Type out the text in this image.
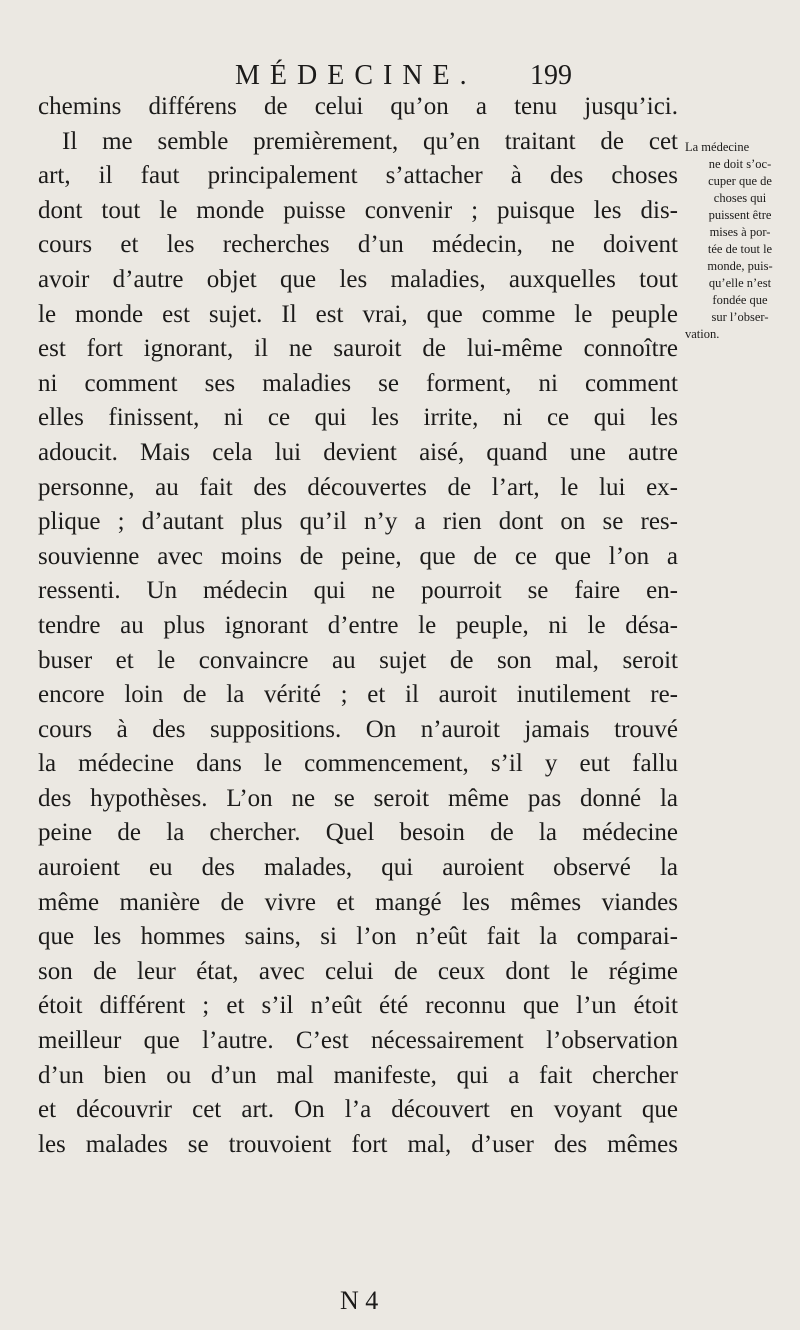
MÉDECINE. 199
chemins différens de celui qu’on a tenu jusqu’ici.
Il me semble premièrement, qu’en traitant de cet
art, il faut principalement s’attacher à des choses
dont tout le monde puisse convenir ; puisque les dis-
cours et les recherches d’un médecin, ne doivent
avoir d’autre objet que les maladies, auxquelles tout
le monde est sujet. Il est vrai, que comme le peuple
est fort ignorant, il ne sauroit de lui-même connoître
ni comment ses maladies se forment, ni comment
elles finissent, ni ce qui les irrite, ni ce qui les
adoucit. Mais cela lui devient aisé, quand une autre
personne, au fait des découvertes de l’art, le lui ex-
plique ; d’autant plus qu’il n’y a rien dont on se res-
souvienne avec moins de peine, que de ce que l’on a
ressenti. Un médecin qui ne pourroit se faire en-
tendre au plus ignorant d’entre le peuple, ni le désa-
buser et le convaincre au sujet de son mal, seroit
encore loin de la vérité ; et il auroit inutilement re-
cours à des suppositions. On n’auroit jamais trouvé
la médecine dans le commencement, s’il y eut fallu
des hypothèses. L’on ne se seroit même pas donné la
peine de la chercher. Quel besoin de la médecine
auroient eu des malades, qui auroient observé la
même manière de vivre et mangé les mêmes viandes
que les hommes sains, si l’on n’eût fait la comparai-
son de leur état, avec celui de ceux dont le régime
étoit différent ; et s’il n’eût été reconnu que l’un étoit
meilleur que l’autre. C’est nécessairement l’observation
d’un bien ou d’un mal manifeste, qui a fait chercher
et découvrir cet art. On l’a découvert en voyant que
les malades se trouvoient fort mal, d’user des mêmes
La médecine
ne doit s’oc-
cuper que de
choses qui
puissent être
mises à por-
tée de tout le
monde, puis-
qu’elle n’est
fondée que
sur l’obser-
vation.
N 4
